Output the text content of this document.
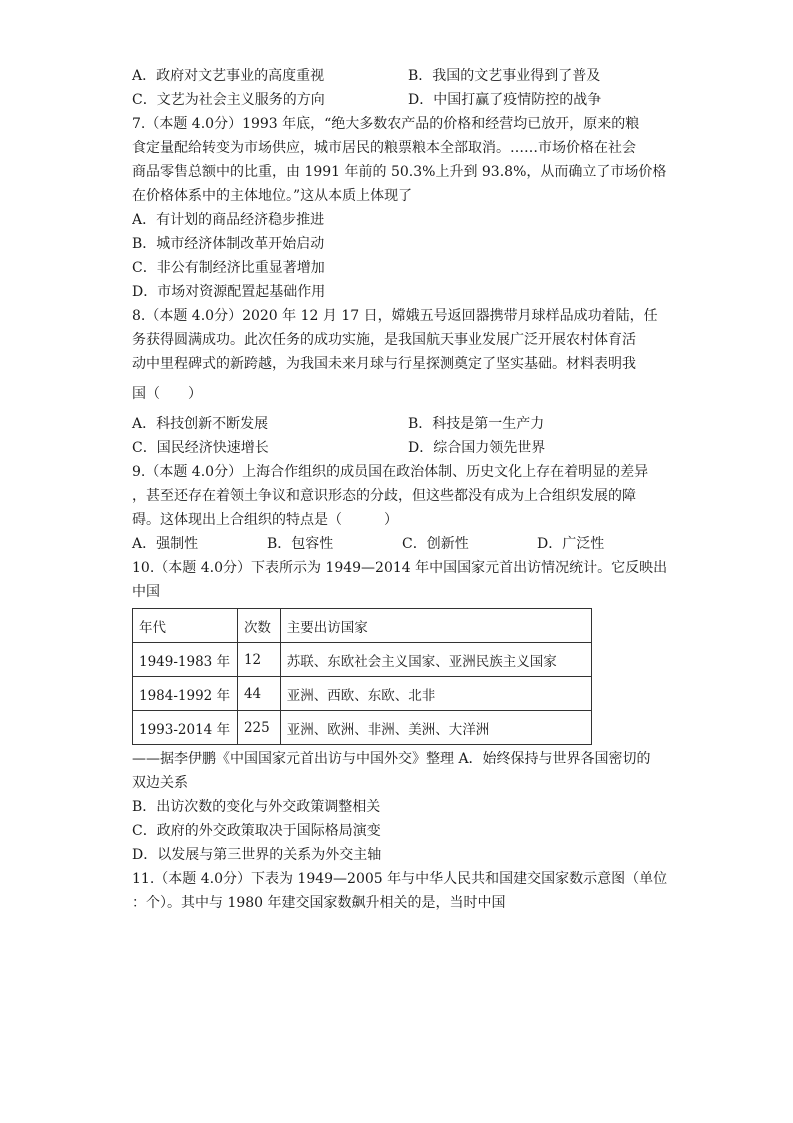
A．政府对文艺事业的高度重视	B．我国的文艺事业得到了普及
C．文艺为社会主义服务的方向	D．中国打赢了疫情防控的战争
7.（本题 4.0分）1993 年底，“绝大多数农产品的价格和经营均已放开，原来的粮
食定量配给转变为市场供应，城市居民的粮票粮本全部取消。……市场价格在社会
商品零售总额中的比重，由 1991 年前的 50.3%上升到 93.8%，从而确立了市场价格
在价格体系中的主体地位。”这从本质上体现了
A．有计划的商品经济稳步推进
B．城市经济体制改革开始启动
C．非公有制经济比重显著增加
D．市场对资源配置起基础作用
8.（本题 4.0分）2020 年 12 月 17 日，嫦娥五号返回器携带月球样品成功着陆，任
务获得圆满成功。此次任务的成功实施，是我国航天事业发展广泛开展农村体育活
动中里程碑式的新跨越，为我国未来月球与行星探测奠定了坚实基础。材料表明我
国（　　）
A．科技创新不断发展	B．科技是第一生产力
C．国民经济快速增长	D．综合国力领先世界
9.（本题 4.0分）上海合作组织的成员国在政治体制、历史文化上存在着明显的差异
，甚至还存在着领土争议和意识形态的分歧，但这些都没有成为上合组织发展的障
碍。这体现出上合组织的特点是（　　　）
A．强制性	B．包容性	C．创新性	D．广泛性
10.（本题 4.0分）下表所示为 1949—2014 年中国国家元首出访情况统计。它反映出
中国
年代	次数	主要出访国家
1949-1983 年	12	苏联、东欧社会主义国家、亚洲民族主义国家
1984-1992 年	44	亚洲、西欧、东欧、北非
1993-2014 年	225	亚洲、欧洲、非洲、美洲、大洋洲
——据李伊鹏《中国国家元首出访与中国外交》整理 A．始终保持与世界各国密切的
双边关系
B．出访次数的变化与外交政策调整相关
C．政府的外交政策取决于国际格局演变
D．以发展与第三世界的关系为外交主轴
11.（本题 4.0分）下表为 1949—2005 年与中华人民共和国建交国家数示意图（单位
：个）。其中与 1980 年建交国家数飙升相关的是，当时中国
